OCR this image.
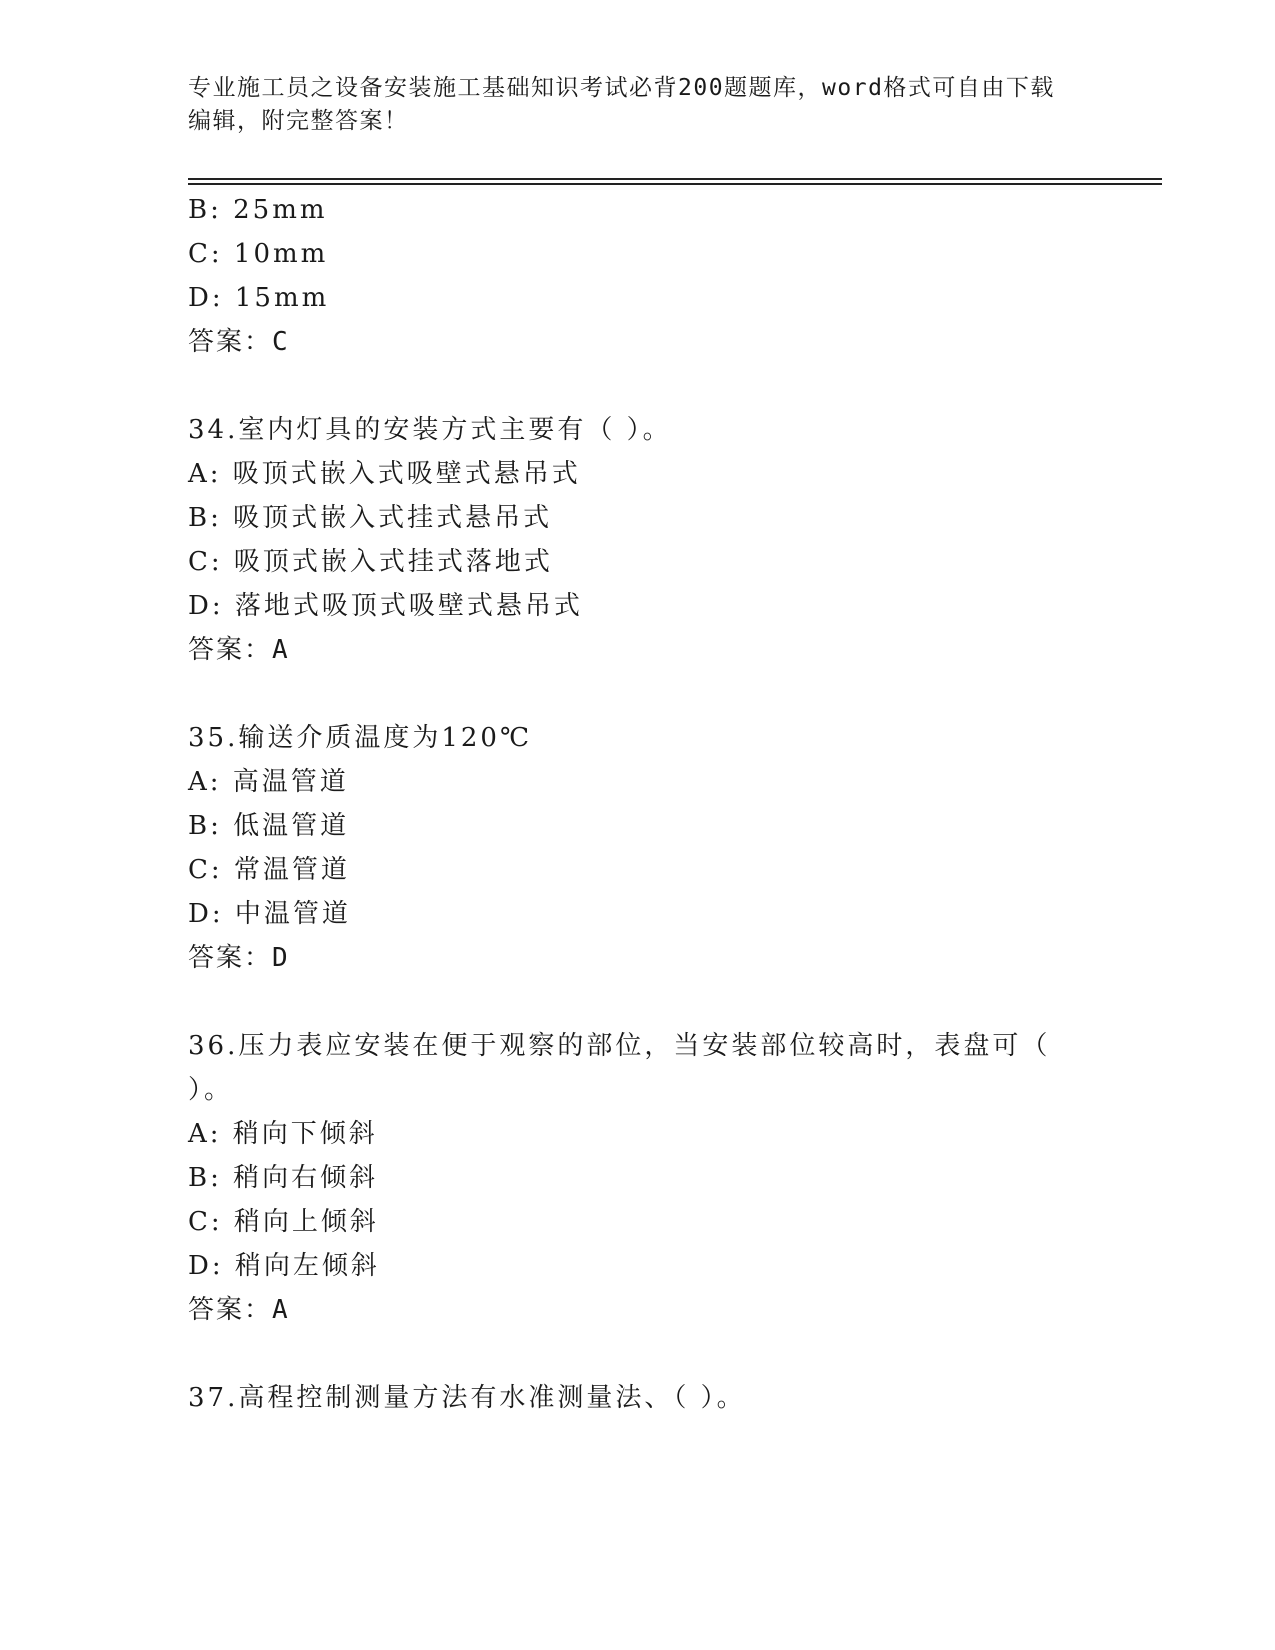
专业施工员之设备安装施工基础知识考试必背200题题库，word格式可自由下载
编辑，附完整答案！
B: 25mm
C: 10mm
D: 15mm
答案：C
34.室内灯具的安装方式主要有（ ）。
A: 吸顶式嵌入式吸壁式悬吊式
B: 吸顶式嵌入式挂式悬吊式
C: 吸顶式嵌入式挂式落地式
D: 落地式吸顶式吸壁式悬吊式
答案：A
35.输送介质温度为120℃
A: 高温管道
B: 低温管道
C: 常温管道
D: 中温管道
答案：D
36.压力表应安装在便于观察的部位，当安装部位较高时，表盘可（
）。
A: 稍向下倾斜
B: 稍向右倾斜
C: 稍向上倾斜
D: 稍向左倾斜
答案：A
37.高程控制测量方法有水准测量法、（ ）。
